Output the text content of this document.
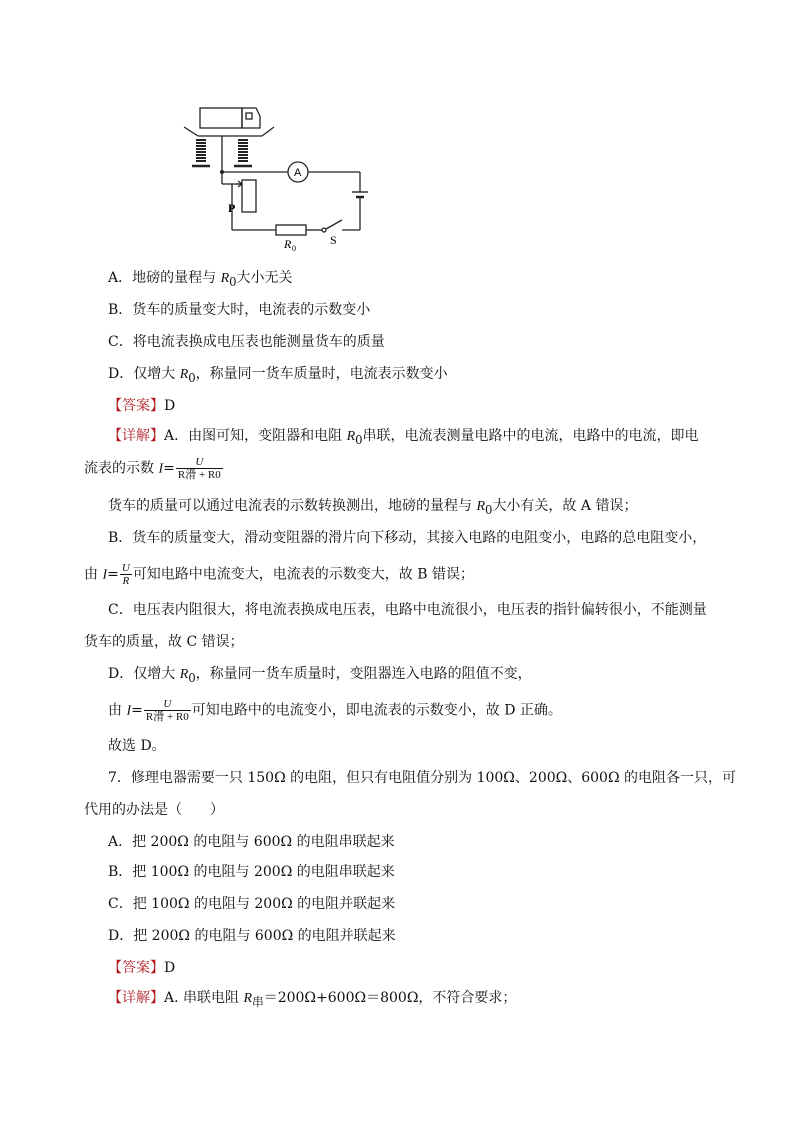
A
P
R 0
S
A．地磅的量程与 $R_0$大小无关
B．货车的质量变大时，电流表的示数变小
C．将电流表换成电压表也能测量货车的质量
D．仅增大 $R_0$，称量同一货车质量时，电流表示数变小
【答案】D
【详解】A．由图可知，变阻器和电阻 $R_0$串联，电流表测量电路中的电流，电路中的电流，即电
流表的示数 $I= \frac{U}{\text{R滑 + R0}}$
货车的质量可以通过电流表的示数转换测出，地磅的量程与 $R_0$大小有关，故 A 错误；
B．货车的质量变大，滑动变阻器的滑片向下移动，其接入电路的电阻变小，电路的总电阻变小，
由 $I= \frac{U}{R}$ 可知电路中电流变大，电流表的示数变大，故 B 错误；
C．电压表内阻很大，将电流表换成电压表，电路中电流很小，电压表的指针偏转很小，不能测量
货车的质量，故 C 错误；
D．仅增大 $R_0$，称量同一货车质量时，变阻器连入电路的阻值不变，
由 $I= \frac{U}{\text{R滑 + R0}}$ 可知电路中的电流变小，即电流表的示数变小，故 D 正确。
故选 D。
7．修理电器需要一只 150Ω 的电阻，但只有电阻值分别为 100Ω、200Ω、600Ω 的电阻各一只，可
代用的办法是（　　）
A．把 200Ω 的电阻与 600Ω 的电阻串联起来
B．把 100Ω 的电阻与 200Ω 的电阻串联起来
C．把 100Ω 的电阻与 200Ω 的电阻并联起来
D．把 200Ω 的电阻与 600Ω 的电阻并联起来
【答案】D
【详解】A. 串联电阻 $R_串=200\Omega+600\Omega=800\Omega$，不符合要求；
